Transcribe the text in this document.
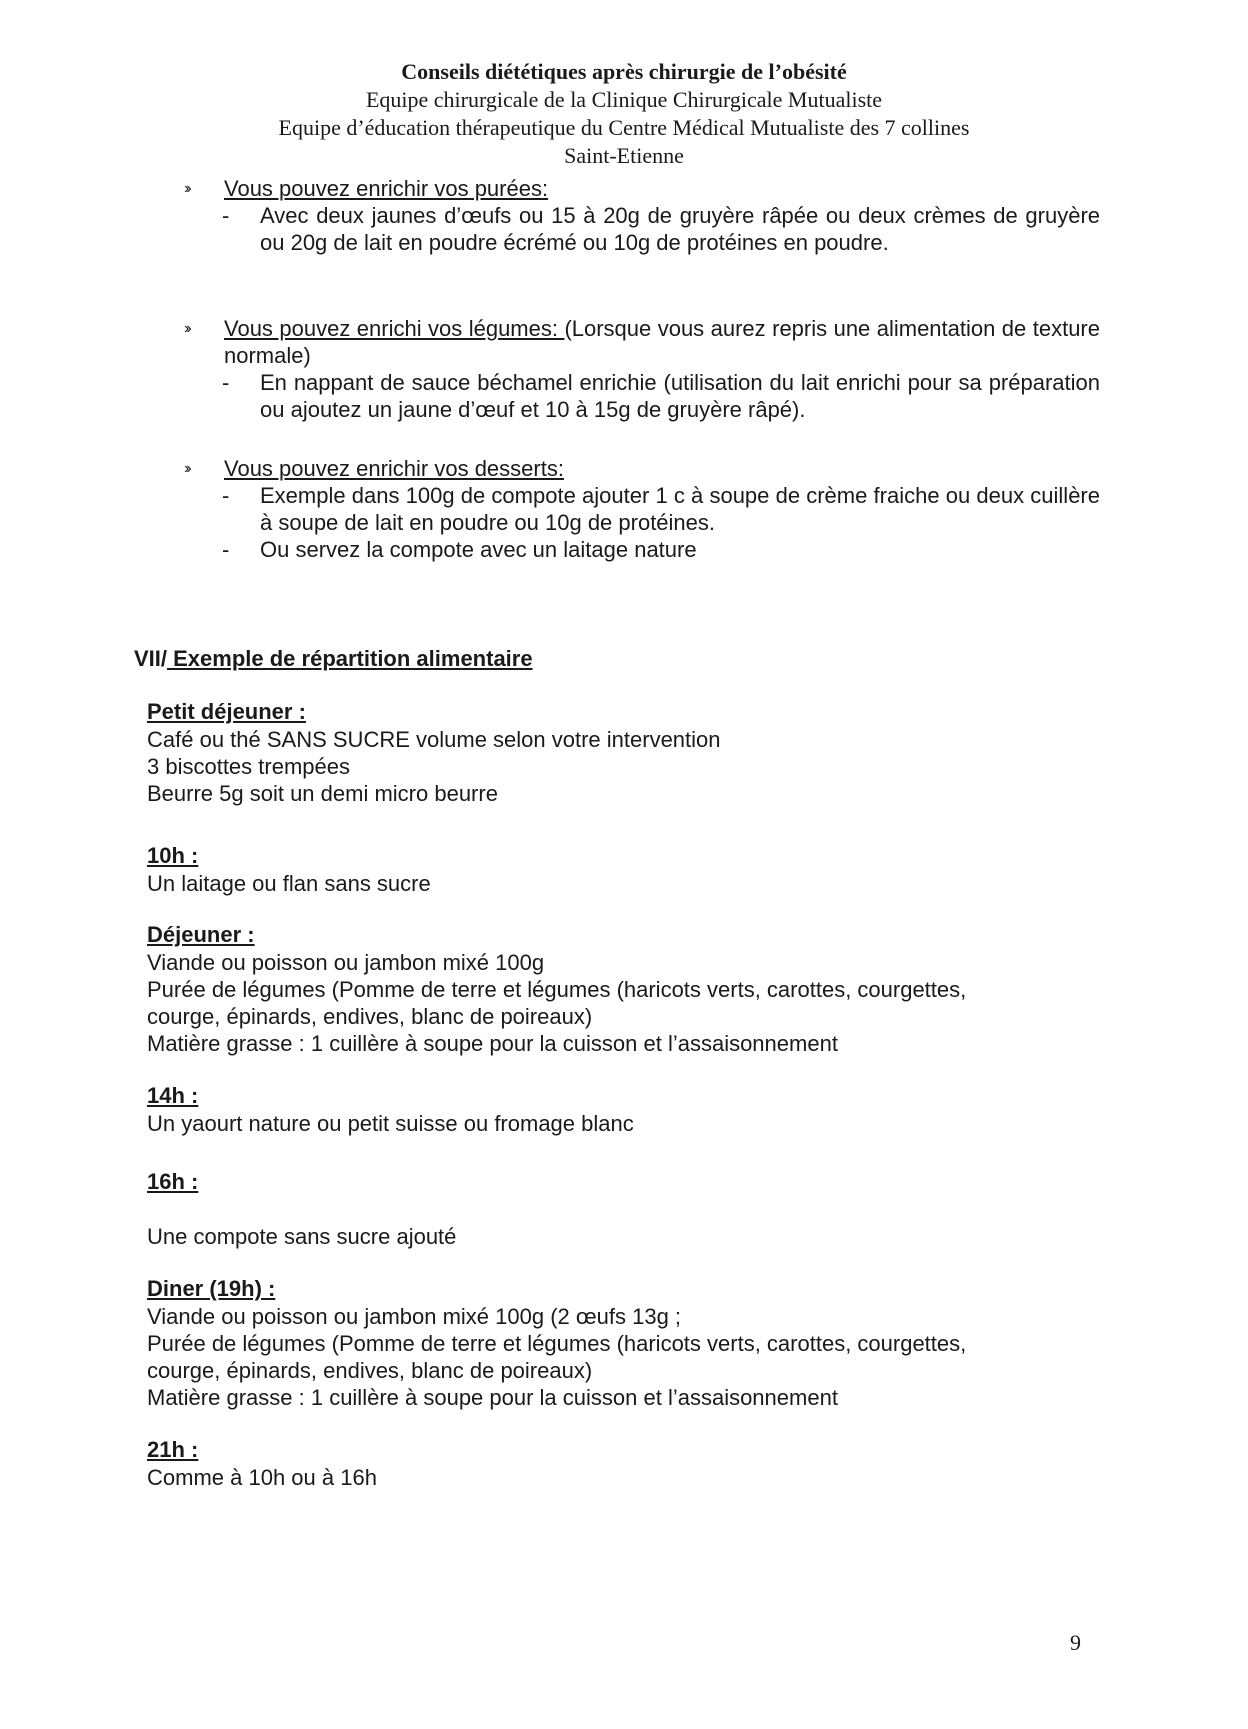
Conseils diététiques après chirurgie de l’obésité
Equipe chirurgicale de la Clinique Chirurgicale Mutualiste
Equipe d’éducation thérapeutique du Centre Médical Mutualiste des 7 collines
Saint-Etienne
›› Vous pouvez enrichir vos purées:
- Avec deux jaunes d’œufs ou 15 à 20g de gruyère râpée ou deux crèmes de gruyère ou 20g de lait en poudre écrémé ou 10g de protéines en poudre.
›› Vous pouvez enrichi vos légumes: (Lorsque vous aurez repris une alimentation de texture normale)
- En nappant de sauce béchamel enrichie (utilisation du lait enrichi pour sa préparation ou ajoutez un jaune d’œuf et 10 à 15g de gruyère râpé).
›› Vous pouvez enrichir vos desserts:
- Exemple dans 100g de compote ajouter 1 c à soupe de crème fraiche ou deux cuillère à soupe de lait en poudre ou 10g de protéines.
- Ou servez la compote avec un laitage nature
VII/ Exemple de répartition alimentaire
Petit déjeuner :
Café ou thé SANS SUCRE volume selon votre intervention
3 biscottes trempées
Beurre 5g soit un demi micro beurre
10h :
Un laitage ou flan sans sucre
Déjeuner :
Viande ou poisson ou jambon mixé 100g
Purée de légumes (Pomme de terre et légumes (haricots verts, carottes, courgettes,
courge, épinards, endives, blanc de poireaux)
Matière grasse : 1 cuillère à soupe pour la cuisson et l’assaisonnement
14h :
Un yaourt nature ou petit suisse ou fromage blanc
16h :
Une compote sans sucre ajouté
Diner (19h) :
Viande ou poisson ou jambon mixé 100g (2 œufs 13g ;
Purée de légumes (Pomme de terre et légumes (haricots verts, carottes, courgettes,
courge, épinards, endives, blanc de poireaux)
Matière grasse : 1 cuillère à soupe pour la cuisson et l’assaisonnement
21h :
Comme à 10h ou à 16h
9
